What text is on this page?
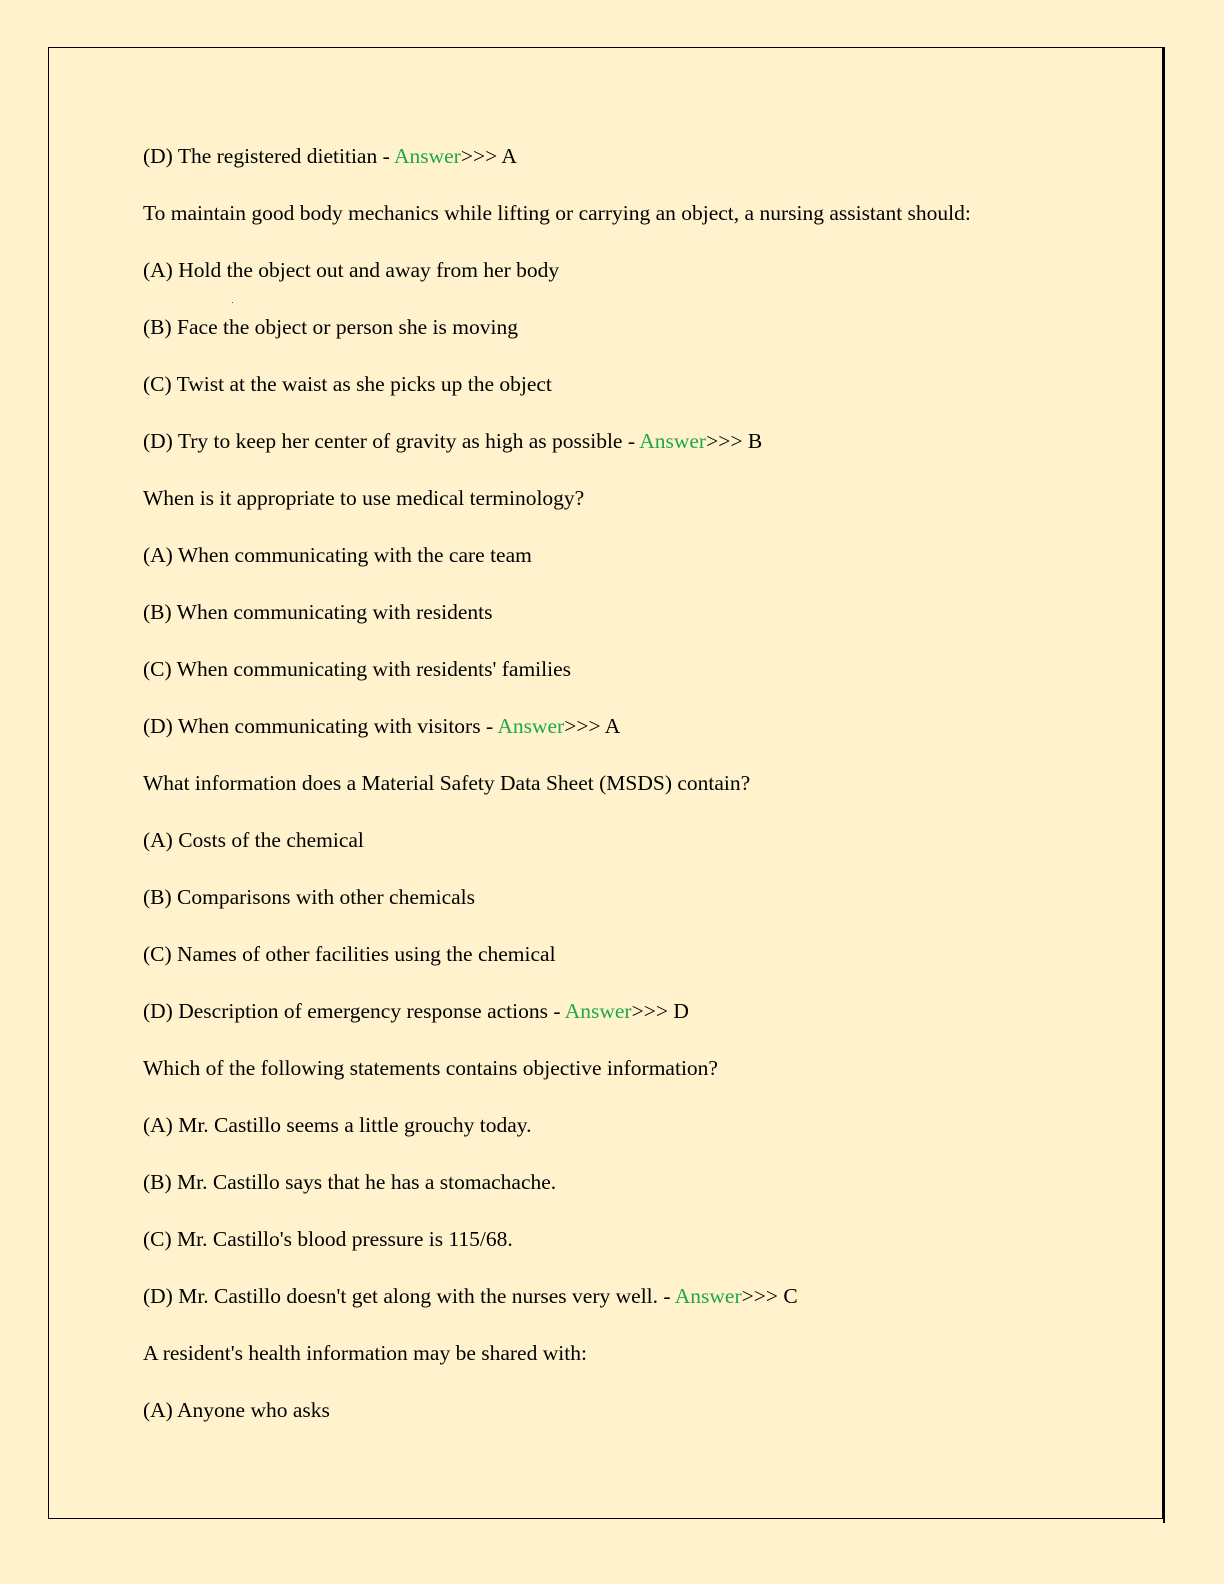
(D) The registered dietitian - Answer>>> A
To maintain good body mechanics while lifting or carrying an object, a nursing assistant should:
(A) Hold the object out and away from her body
(B) Face the object or person she is moving
(C) Twist at the waist as she picks up the object
(D) Try to keep her center of gravity as high as possible - Answer>>> B
When is it appropriate to use medical terminology?
(A) When communicating with the care team
(B) When communicating with residents
(C) When communicating with residents' families
(D) When communicating with visitors - Answer>>> A
What information does a Material Safety Data Sheet (MSDS) contain?
(A) Costs of the chemical
(B) Comparisons with other chemicals
(C) Names of other facilities using the chemical
(D) Description of emergency response actions - Answer>>> D
Which of the following statements contains objective information?
(A) Mr. Castillo seems a little grouchy today.
(B) Mr. Castillo says that he has a stomachache.
(C) Mr. Castillo's blood pressure is 115/68.
(D) Mr. Castillo doesn't get along with the nurses very well. - Answer>>> C
A resident's health information may be shared with:
(A) Anyone who asks
